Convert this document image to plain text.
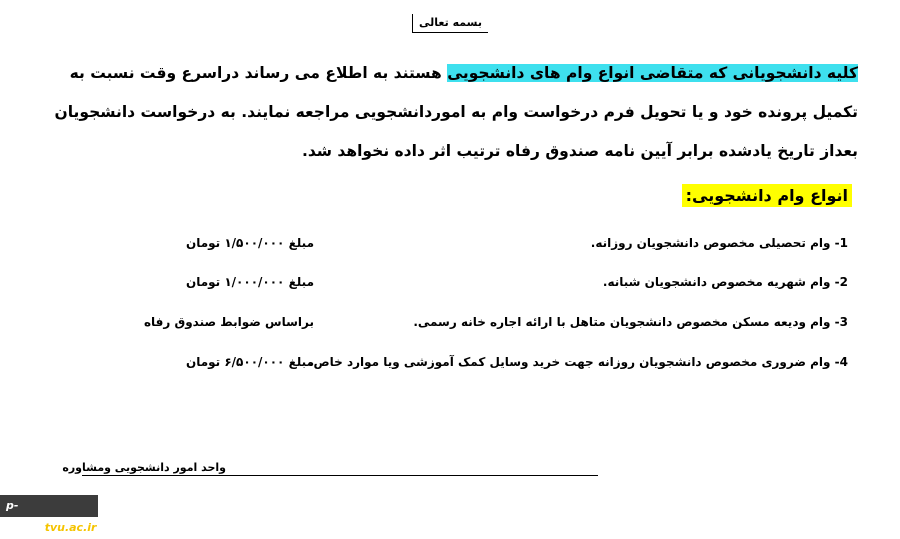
بسمه تعالی
کلیه دانشجویانی که متقاضی انواع وام های دانشجویی هستند به اطلاع می رساند دراسرع وقت نسبت به تکمیل پرونده خود و یا تحویل فرم درخواست وام به اموردانشجویی مراجعه نمایند. به درخواست دانشجویان بعداز تاریخ یادشده برابر آیین نامه صندوق رفاه ترتیب اثر داده نخواهد شد.
انواع وام دانشجویی:
1- وام تحصیلی مخصوص دانشجویان روزانه.
مبلغ ۱/۵۰۰/۰۰۰ تومان
2- وام شهریه مخصوص دانشجویان شبانه.
مبلغ ۱/۰۰۰/۰۰۰ تومان
3- وام ودیعه مسکن مخصوص دانشجویان متاهل با ارائه اجاره خانه رسمی.
براساس ضوابط صندوق رفاه
4- وام ضروری مخصوص دانشجویان روزانه جهت خرید وسایل کمک آموزشی ویا موارد خاص.
مبلغ ۶/۵۰۰/۰۰۰ تومان
واحد امور دانشجویی ومشاوره
p-babol.tvu.ac.ir
